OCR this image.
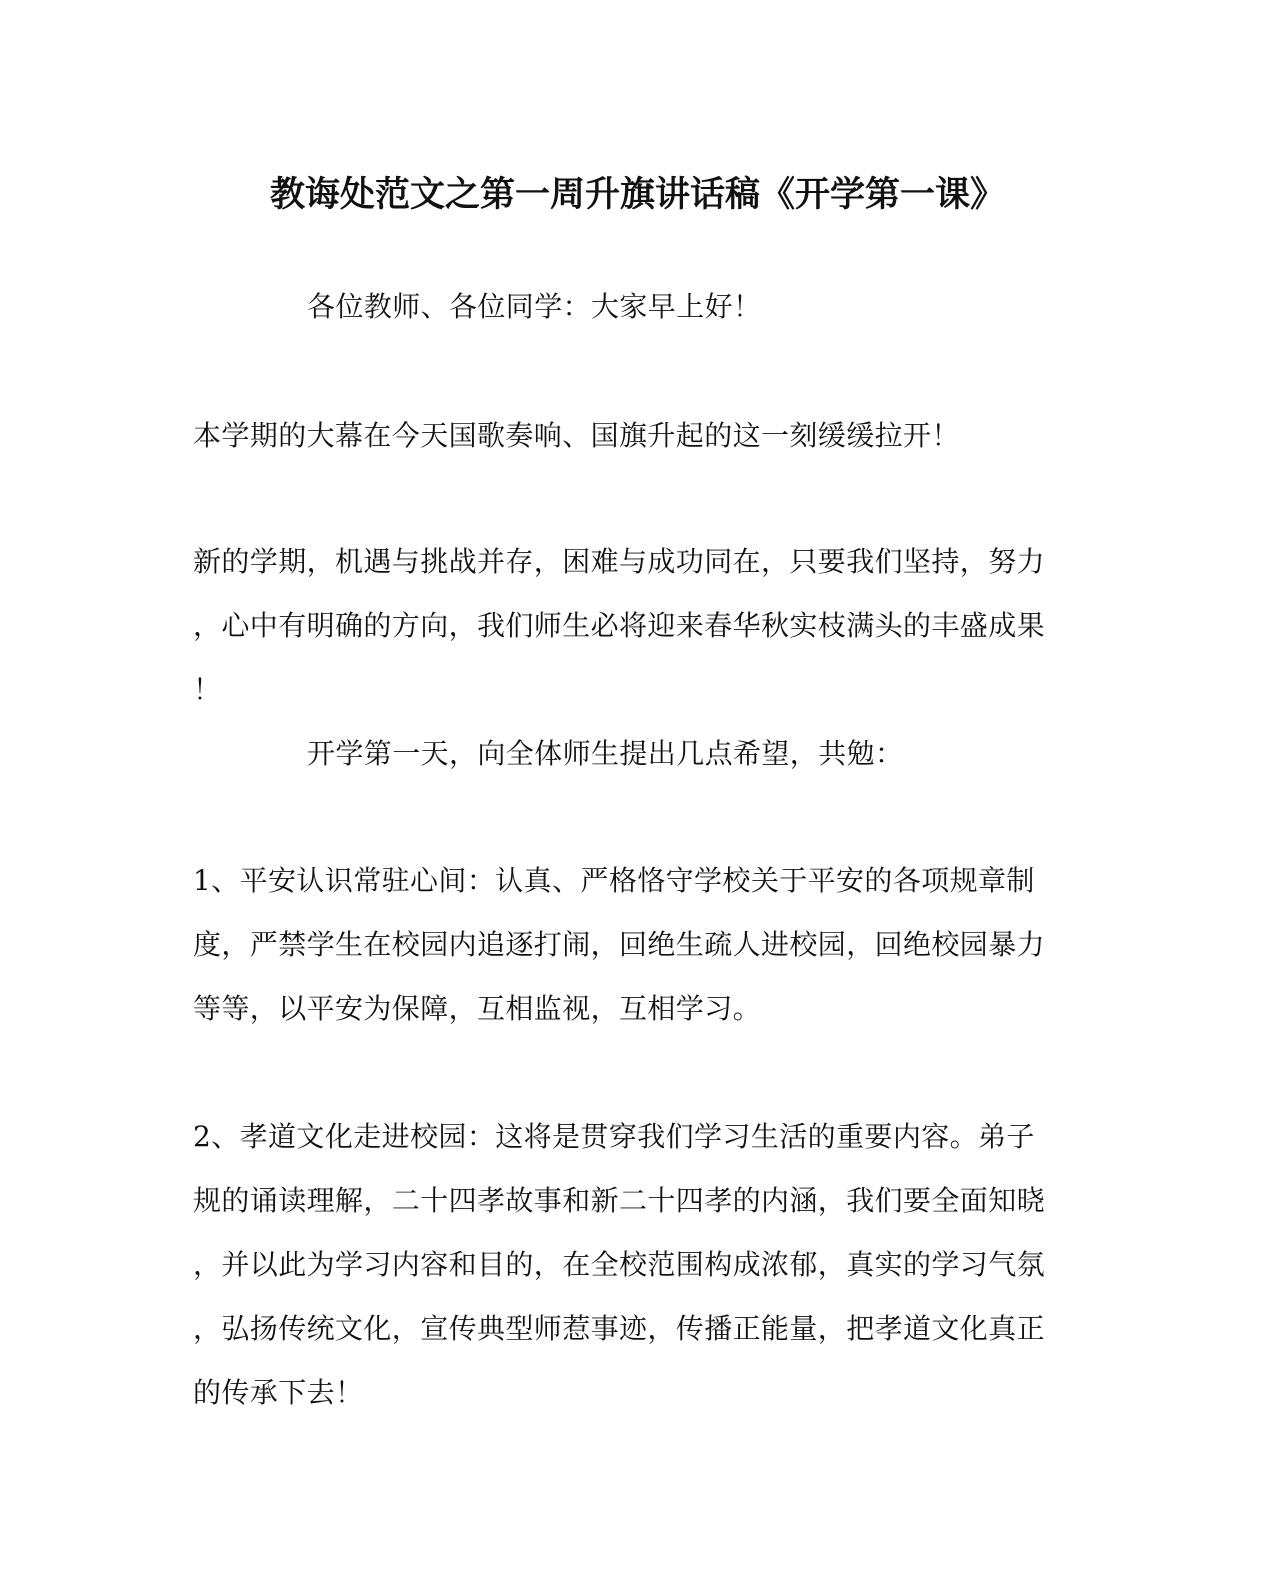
教诲处范文之第一周升旗讲话稿《开学第一课》
各位教师、各位同学：大家早上好！
本学期的大幕在今天国歌奏响、国旗升起的这一刻缓缓拉开！
新的学期，机遇与挑战并存，困难与成功同在，只要我们坚持，努力
，心中有明确的方向，我们师生必将迎来春华秋实枝满头的丰盛成果
！
开学第一天，向全体师生提出几点希望，共勉：
1、平安认识常驻心间：认真、严格恪守学校关于平安的各项规章制
度，严禁学生在校园内追逐打闹，回绝生疏人进校园，回绝校园暴力
等等，以平安为保障，互相监视，互相学习。
2、孝道文化走进校园：这将是贯穿我们学习生活的重要内容。弟子
规的诵读理解，二十四孝故事和新二十四孝的内涵，我们要全面知晓
，并以此为学习内容和目的，在全校范围构成浓郁，真实的学习气氛
，弘扬传统文化，宣传典型师惹事迹，传播正能量，把孝道文化真正
的传承下去！
